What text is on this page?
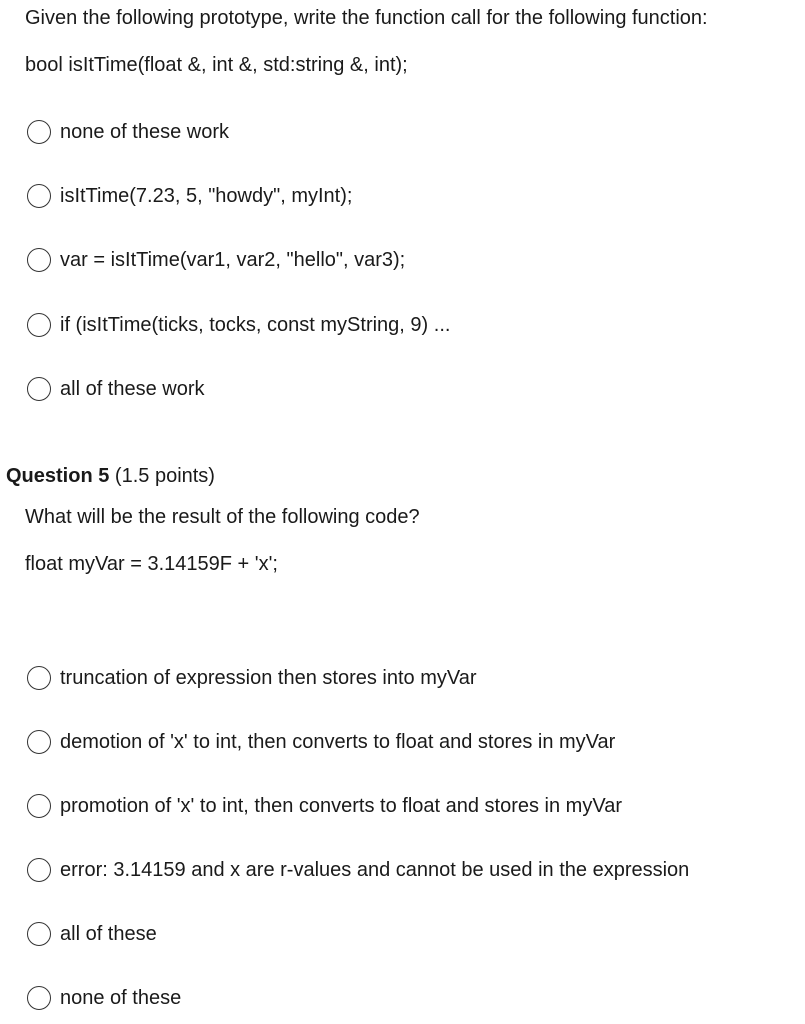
Given the following prototype, write the function call for the following function:
bool isItTime(float &, int &, std:string &, int);
none of these work
isItTime(7.23, 5, "howdy", myInt);
var = isItTime(var1, var2, "hello", var3);
if (isItTime(ticks, tocks, const myString, 9) ...
all of these work
Question 5 (1.5 points)
What will be the result of the following code?
float myVar = 3.14159F + 'x';
truncation of expression then stores into myVar
demotion of 'x' to int, then converts to float and stores in myVar
promotion of 'x' to int, then converts to float and stores in myVar
error: 3.14159 and x are r-values and cannot be used in the expression
all of these
none of these
